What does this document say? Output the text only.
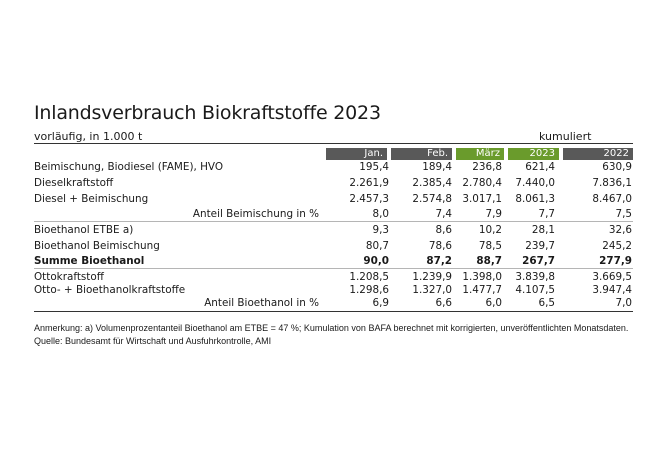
Inlandsverbrauch Biokraftstoffe 2023
vorläufig, in 1.000 t	kumuliert
Jan.	Feb.	März	2023	2022
Beimischung, Biodiesel (FAME), HVO	195,4	189,4	236,8	621,4	630,9
Dieselkraftstoff	2.261,9	2.385,4 2.780,4	7.440,0	7.836,1
Diesel + Beimischung	2.457,3	2.574,8 3.017,1	8.061,3	8.467,0
Anteil Beimischung in %	8,0	7,4	7,9	7,7	7,5
Bioethanol ETBE a)	9,3	8,6	10,2	28,1	32,6
Bioethanol Beimischung	80,7	78,6	78,5	239,7	245,2
Summe Bioethanol	90,0	87,2	88,7	267,7	277,9
Ottokraftstoff	1.208,5	1.239,9 1.398,0	3.839,8	3.669,5
Otto- + Bioethanolkraftstoffe	1.298,6	1.327,0 1.477,7	4.107,5	3.947,4
Anteil Bioethanol in %	6,9	6,6	6,0	6,5	7,0
Anmerkung: a) Volumenprozentanteil Bioethanol am ETBE = 47 %; Kumulation von BAFA berechnet mit korrigierten, unveröffentlichten Monatsdaten.
Quelle: Bundesamt für Wirtschaft und Ausfuhrkontrolle, AMI
